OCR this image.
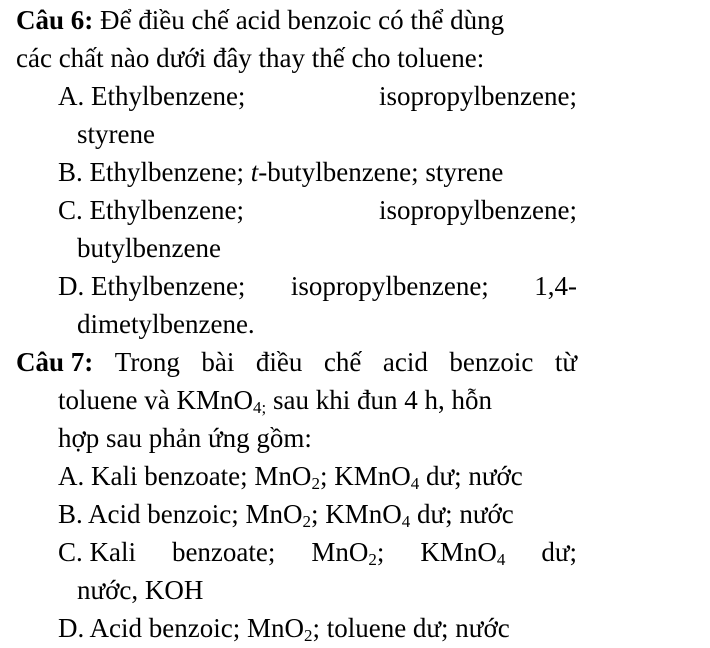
Câu 6: Để điều chế acid benzoic có thể dùng
các chất nào dưới đây thay thế cho toluene:
A. Ethylbenzene;	isopropylbenzene;
styrene
B. Ethylbenzene; t-butylbenzene; styrene
C. Ethylbenzene;	isopropylbenzene;
butylbenzene
D. Ethylbenzene; isopropylbenzene; 1,4-
dimetylbenzene.
Câu 7: Trong bài điều chế acid benzoic từ
toluene và KMnO$_{4;}$ sau khi đun 4 h, hỗn
hợp sau phản ứng gồm:
A. Kali benzoate; MnO$_2$; KMnO$_4$ dư; nước
B. Acid benzoic; MnO$_2$; KMnO$_4$ dư; nước
C. Kali benzoate; MnO$_2$; KMnO$_4$ dư;
nước, KOH
D. Acid benzoic; MnO$_2$; toluene dư; nước
